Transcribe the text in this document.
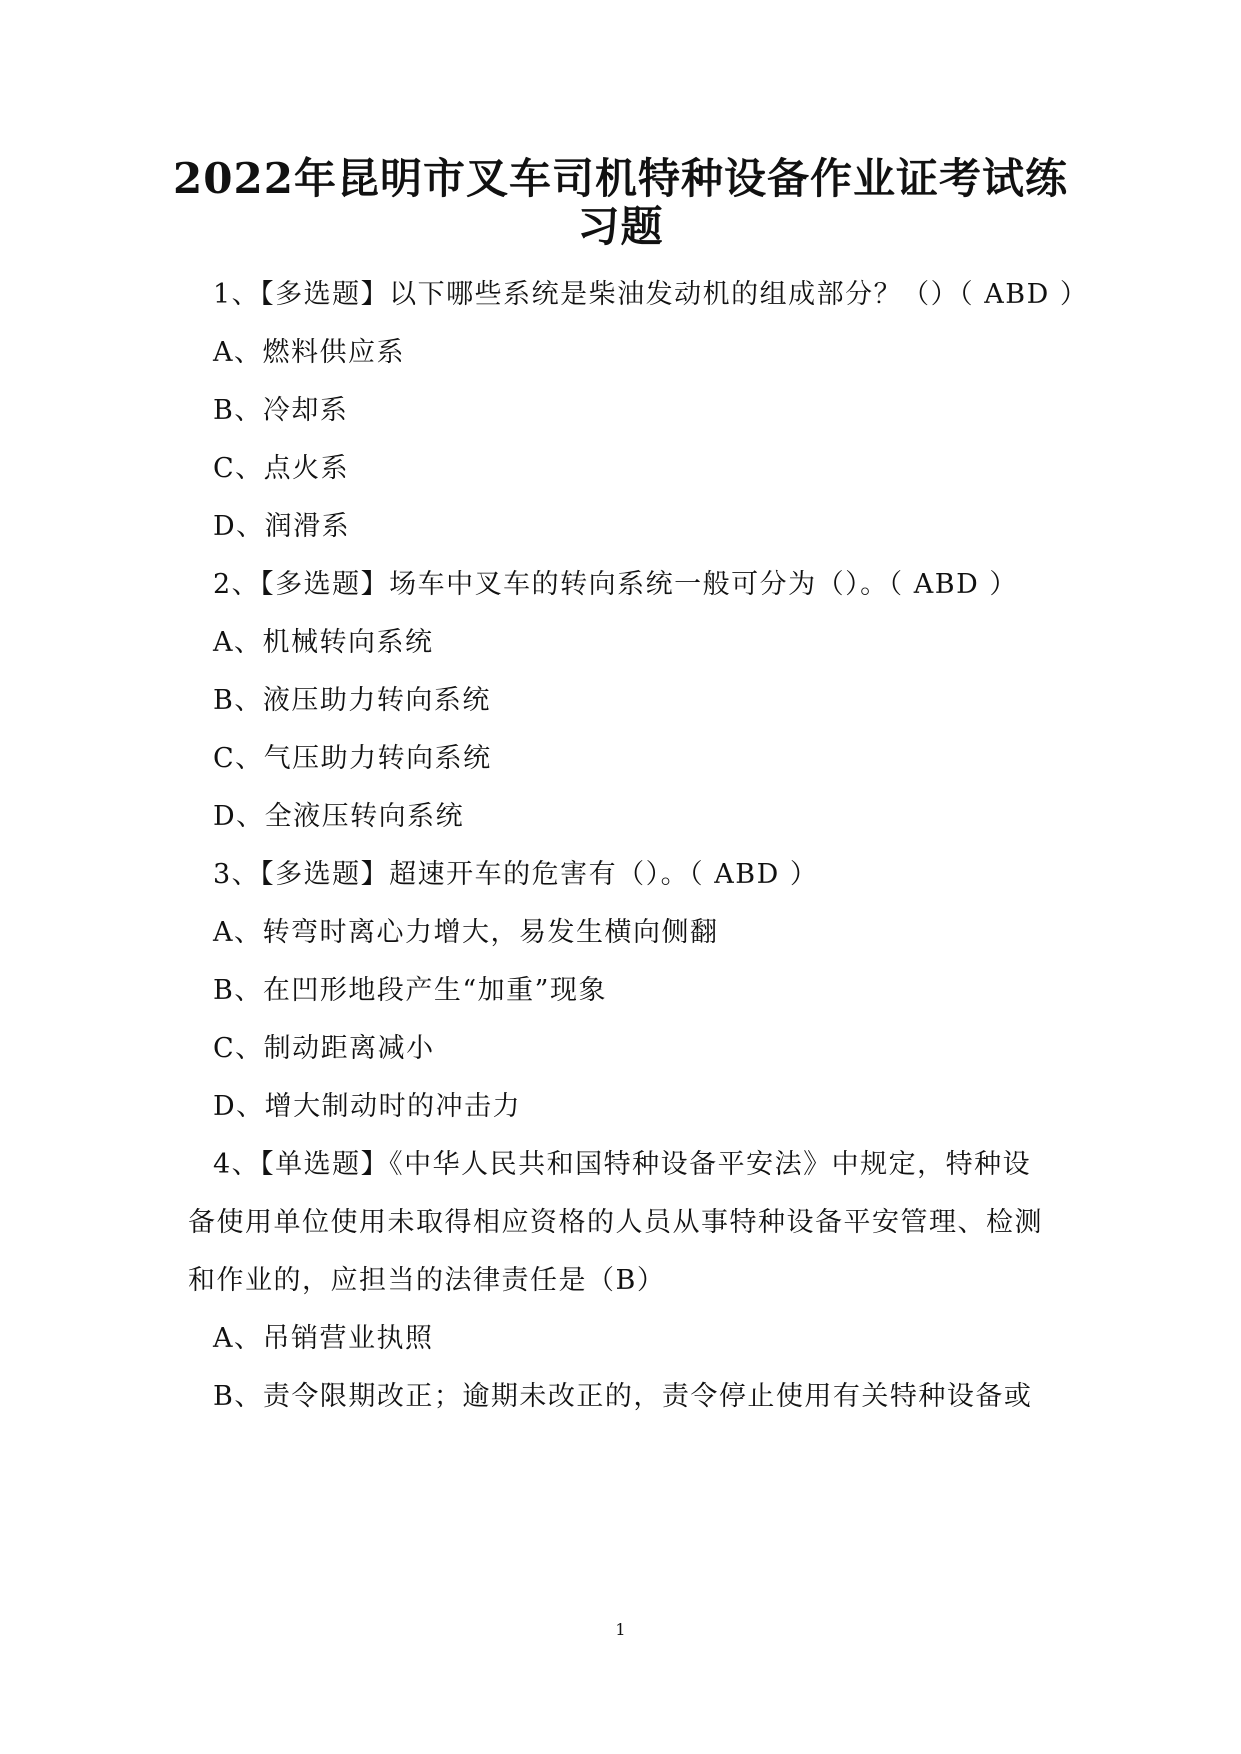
2022年昆明市叉车司机特种设备作业证考试练
习题
1、【多选题】以下哪些系统是柴油发动机的组成部分？（）（ ABD ）
A、燃料供应系
B、冷却系
C、点火系
D、润滑系
2、【多选题】场车中叉车的转向系统一般可分为（）。（ ABD ）
A、机械转向系统
B、液压助力转向系统
C、气压助力转向系统
D、全液压转向系统
3、【多选题】超速开车的危害有（）。（ ABD ）
A、转弯时离心力增大，易发生横向侧翻
B、在凹形地段产生“加重”现象
C、制动距离减小
D、增大制动时的冲击力
4、【单选题】《中华人民共和国特种设备平安法》中规定，特种设
备使用单位使用未取得相应资格的人员从事特种设备平安管理、检测
和作业的，应担当的法律责任是（B）
A、吊销营业执照
B、责令限期改正；逾期未改正的，责令停止使用有关特种设备或
1
